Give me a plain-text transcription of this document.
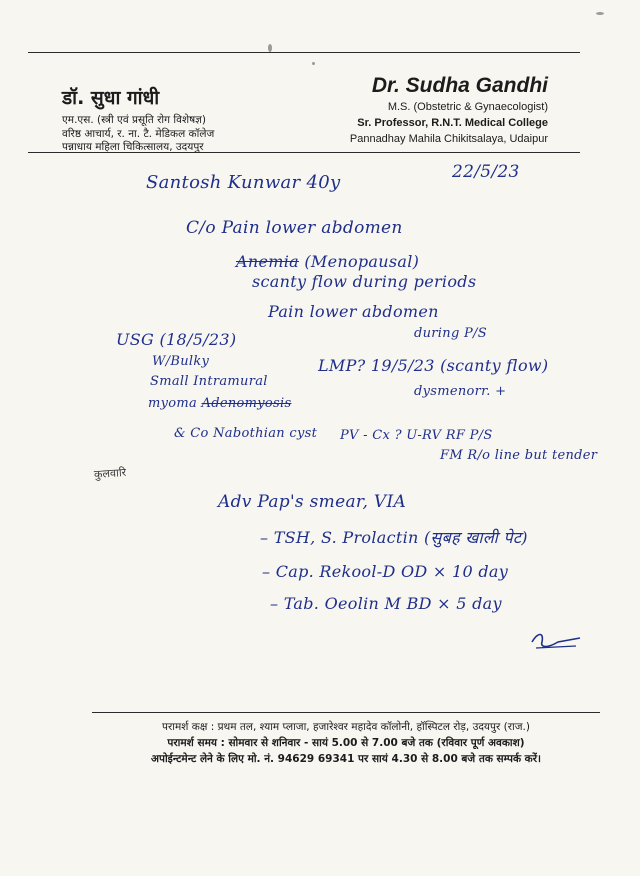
डॉ. सुधा गांधी
एम.एस. (स्त्री एवं प्रसूति रोग विशेषज्ञ)
वरिष्ठ आचार्य, र. ना. टै. मेडिकल कॉलेज
पन्नाधाय महिला चिकित्सालय, उदयपुर
Dr. Sudha Gandhi
M.S. (Obstetric & Gynaecologist)
Sr. Professor, R.N.T. Medical College
Pannadhay Mahila Chikitsalaya, Udaipur
Santosh Kunwar 40y	22/5/23
C/o Pain lower abdomen
Anemia (Menopausal)
scanty flow during periods
Pain lower abdomen
during P/S
USG (18/5/23)
W/Bulky
Small Intramural
myoma Adenomyosis
& Co Nabothian cyst
LMP? 19/5/23 (scanty flow)
dysmenorr. +
PV - Cx ? U-RV RF P/S
FM R/o line but tender
कुलवारि
Adv Pap's smear, VIA
– TSH, S. Prolactin (सुबह खाली पेट)
– Cap. Rekool-D OD × 10 day
– Tab. Oeolin M BD × 5 day
परामर्श कक्ष : प्रथम तल, श्याम प्लाजा, हजारेश्वर महादेव कॉलोनी, हॉस्पिटल रोड़, उदयपुर (राज.)
परामर्श समय : सोमवार से शनिवार - सायं 5.00 से 7.00 बजे तक (रविवार पूर्ण अवकाश)
अपोईन्टमेन्ट लेने के लिए मो. नं. 94629 69341 पर सायं 4.30 से 8.00 बजे तक सम्पर्क करें।
